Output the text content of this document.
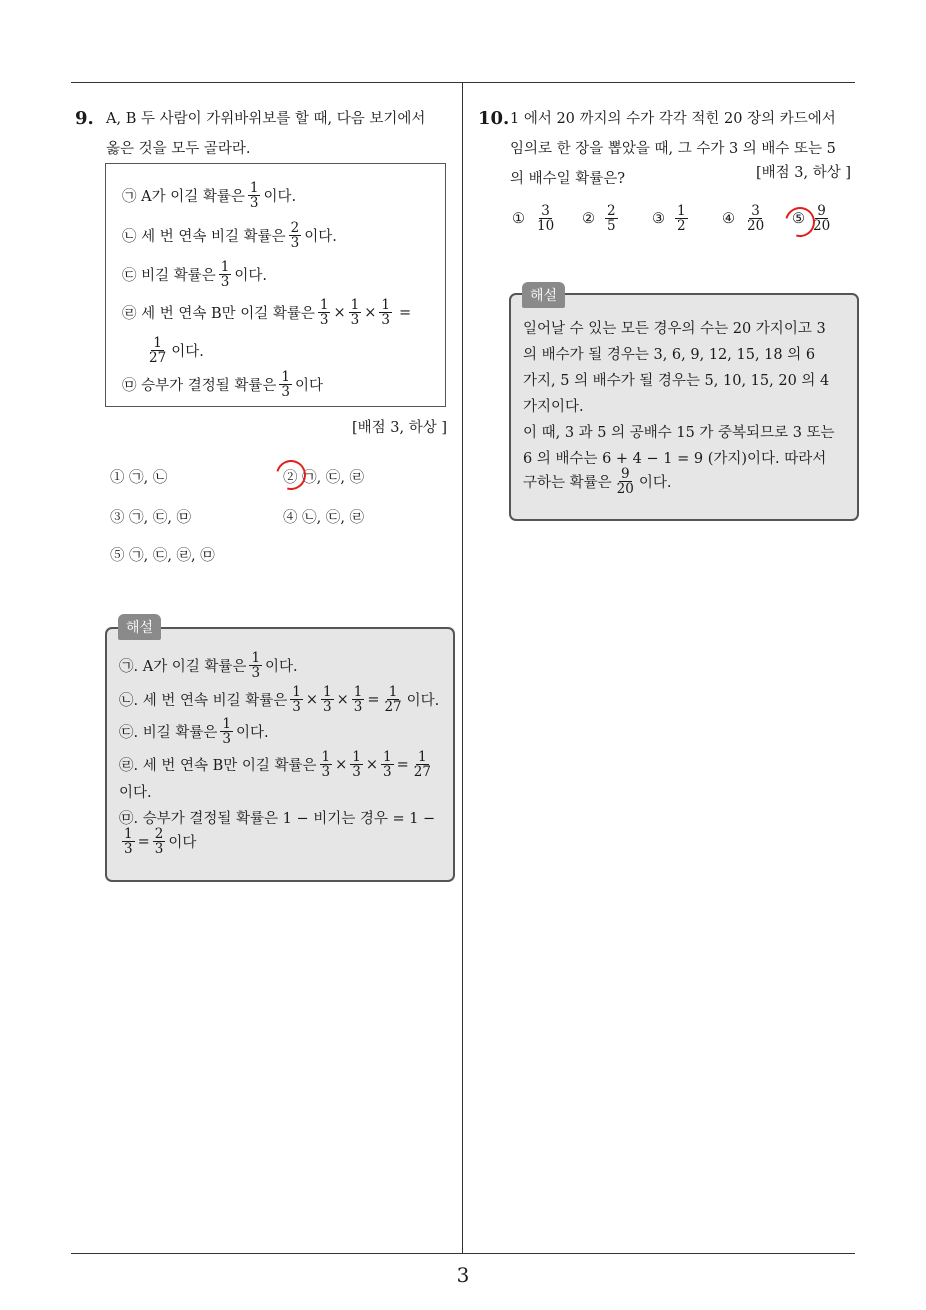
9. A, B 두 사람이 가위바위보를 할 때, 다음 보기에서
옳은 것을 모두 골라라.
㉠ A가 이길 확률은 $\frac{1}{3}$ 이다.
㉡ 세 번 연속 비길 확률은 $\frac{2}{3}$ 이다.
㉢ 비길 확률은 $\frac{1}{3}$ 이다.
㉣ 세 번 연속 B만 이길 확률은 $\frac{1}{3} \times \frac{1}{3} \times \frac{1}{3}$ =
$\frac{1}{27}$ 이다.
㉤ 승부가 결정될 확률은 $\frac{1}{3}$ 이다
[배점 3, 하상 ]
① ㉠, ㉡	② ㉠, ㉢, ㉣
③ ㉠, ㉢, ㉤	④ ㉡, ㉢, ㉣
⑤ ㉠, ㉢, ㉣, ㉤
㉠. A가 이길 확률은 $\frac{1}{3}$ 이다.
㉡. 세 번 연속 비길 확률은 $\frac{1}{3} \times \frac{1}{3} \times \frac{1}{3} = \frac{1}{27}$ 이다.
㉢. 비길 확률은 $\frac{1}{3}$ 이다.
㉣. 세 번 연속 B만 이길 확률은 $\frac{1}{3} \times \frac{1}{3} \times \frac{1}{3} = \frac{1}{27}$
이다.
㉤. 승부가 결정될 확률은 1 − 비기는 경우 = 1 −
$\frac{1}{3} = \frac{2}{3}$ 이다
해설
10. 1 에서 20 까지의 수가 각각 적힌 20 장의 카드에서
임의로 한 장을 뽑았을 때, 그 수가 3 의 배수 또는 5
의 배수일 확률은?	[배점 3, 하상 ]
① $\frac{3}{10}$ ② $\frac{2}{5}$ ③ $\frac{1}{2}$ ④ $\frac{3}{20}$ ⑤ $\frac{9}{20}$
일어날 수 있는 모든 경우의 수는 20 가지이고 3
의 배수가 될 경우는 3, 6, 9, 12, 15, 18 의 6
가지, 5 의 배수가 될 경우는 5, 10, 15, 20 의 4
가지이다.
이 때, 3 과 5 의 공배수 15 가 중복되므로 3 또는
6 의 배수는 6 + 4 − 1 = 9 (가지)이다. 따라서
구하는 확률은 $\frac{9}{20}$ 이다.
해설
3
